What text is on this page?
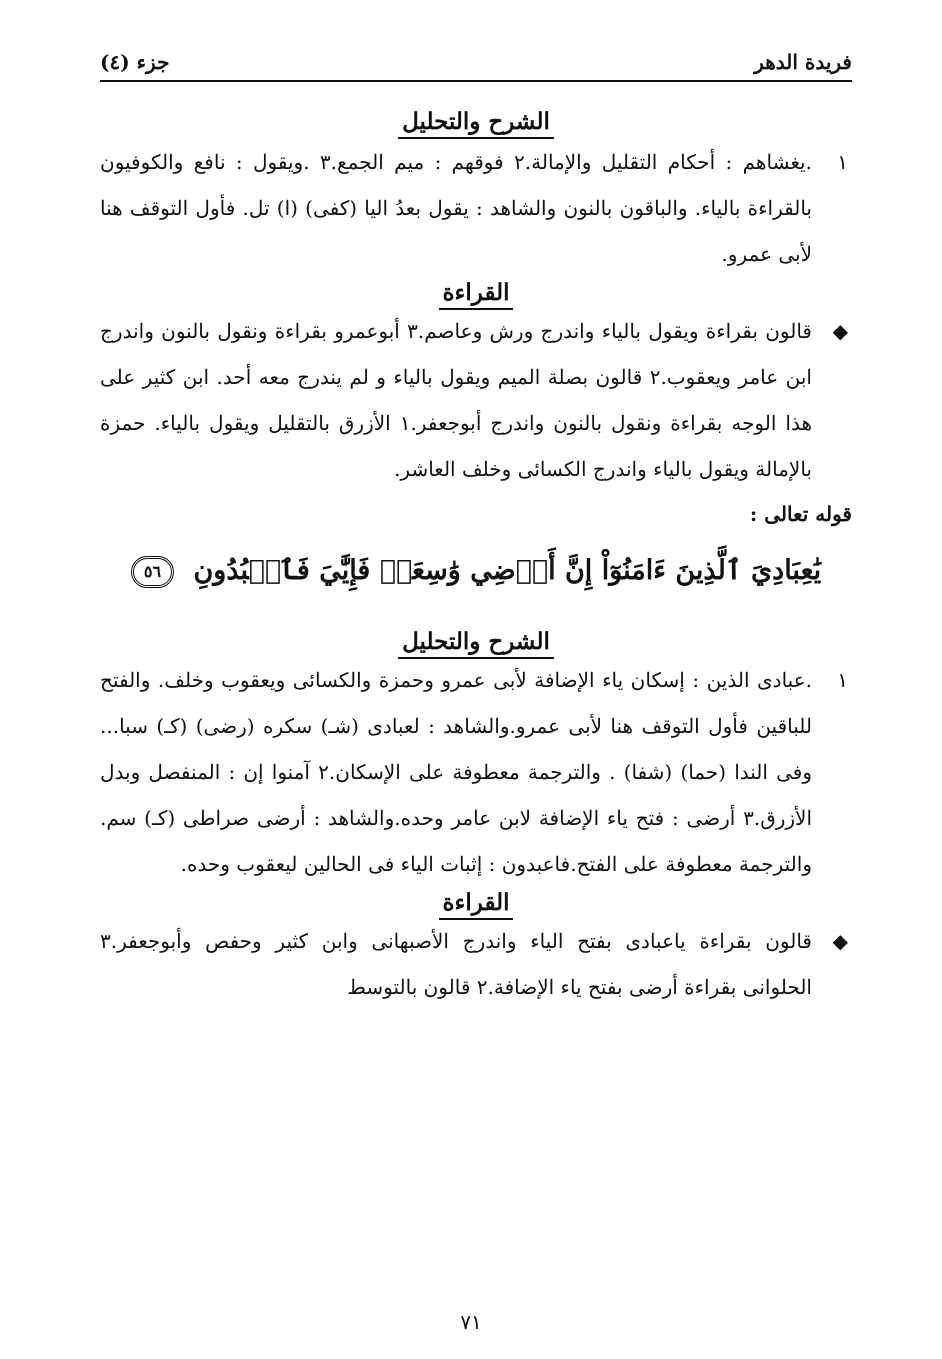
جزء (٤)	فريدة الدهر

الشرح والتحليل

١
.يغشاهم : أحكام التقليل والإمالة.٢ فوقهم : ميم الجمع.٣ .ويقول : نافع والكوفيون بالقراءة بالياء. والباقون بالنون والشاهد : يقول بعدُ اليا (كفى) (ا) تل. فأول التوقف هنا لأبى عمرو.

القراءة

◆
قالون بقراءة ويقول بالياء واندرج ورش وعاصم.٣ أبوعمرو بقراءة ونقول بالنون واندرج ابن عامر ويعقوب.٢ قالون بصلة الميم ويقول بالياء و لم يندرج معه أحد. ابن كثير على هذا الوجه بقراءة ونقول بالنون واندرج أبوجعفر.١ الأزرق بالتقليل ويقول بالياء. حمزة بالإمالة ويقول بالياء واندرج الكسائى وخلف العاشر.

قوله تعالى :

يَٰعِبَادِيَ ٱلَّذِينَ ءَامَنُوٓاْ إِنَّ أَرۡضِي وَٰسِعَةٞ فَإِيَّٰيَ فَٱعۡبُدُونِ ٥٦

الشرح والتحليل

١
.عبادى الذين : إسكان ياء الإضافة لأبى عمرو وحمزة والكسائى ويعقوب وخلف. والفتح للباقين فأول التوقف هنا لأبى عمرو.والشاهد : لعبادى (شـ) سكره (رضى) (كـ) سبا... وفى الندا (حما) (شفا) . والترجمة معطوفة على الإسكان.٢ آمنوا إن : المنفصل وبدل الأزرق.٣ أرضى : فتح ياء الإضافة لابن عامر وحده.والشاهد : أرضى صراطى (كـ) سم. والترجمة معطوفة على الفتح.فاعبدون : إثبات الياء فى الحالين ليعقوب وحده.

القراءة

◆
قالون بقراءة ياعبادى بفتح الياء واندرج الأصبهانى وابن كثير وحفص وأبوجعفر.٣ الحلوانى بقراءة أرضى بفتح ياء الإضافة.٢ قالون بالتوسط

٧١
